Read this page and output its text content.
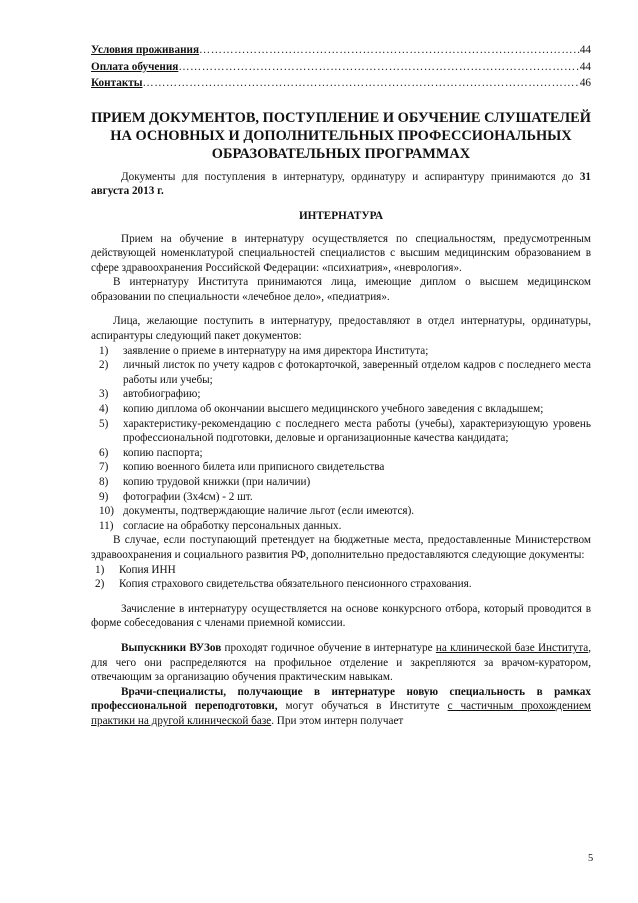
Условия проживания …………………………………………………………………………………………………………………………………………	44
Оплата обучения …………………………………………………………………………………………………………………………………………	44
Контакты …………………………………………………………………………………………………………………………………………	46
ПРИЕМ ДОКУМЕНТОВ, ПОСТУПЛЕНИЕ И ОБУЧЕНИЕ СЛУШАТЕЛЕЙ НА ОСНОВНЫХ И ДОПОЛНИТЕЛЬНЫХ ПРОФЕССИОНАЛЬНЫХ ОБРАЗОВАТЕЛЬНЫХ ПРОГРАММАХ

Документы для поступления в интернатуру, ординатуру и аспирантуру принимаются до 31 августа 2013 г.

ИНТЕРНАТУРА

Прием на обучение в интернатуру осуществляется по специальностям, предусмотренным действующей номенклатурой специальностей специалистов с высшим медицинским образованием в сфере здравоохранения Российской Федерации: «психиатрия», «неврология».

В интернатуру Института принимаются лица, имеющие диплом о высшем медицинском образовании по специальности «лечебное дело», «педиатрия».

Лица, желающие поступить в интернатуру, предоставляют в отдел интернатуры, ординатуры, аспирантуры следующий пакет документов:

1) заявление о приеме в интернатуру на имя директора Института;
2) личный листок по учету кадров с фотокарточкой, заверенный отделом кадров с последнего места работы или учебы;
3) автобиографию;
4) копию диплома об окончании высшего медицинского учебного заведения с вкладышем;
5) характеристику-рекомендацию с последнего места работы (учебы), характеризующую уровень профессиональной подготовки, деловые и организационные качества кандидата;
6) копию паспорта;
7) копию военного билета или приписного свидетельства
8) копию трудовой книжки (при наличии)
9) фотографии (3х4см) - 2 шт.
10) документы, подтверждающие наличие льгот (если имеются).
11) согласие на обработку персональных данных.

В случае, если поступающий претендует на бюджетные места, предоставленные Министерством здравоохранения и социального развития РФ, дополнительно предоставляются следующие документы:

1) Копия ИНН
2) Копия страхового свидетельства обязательного пенсионного страхования.

Зачисление в интернатуру осуществляется на основе конкурсного отбора, который проводится в форме собеседования с членами приемной комиссии.

Выпускники ВУЗов проходят годичное обучение в интернатуре на клинической базе Института, для чего они распределяются на профильное отделение и закрепляются за врачом-куратором, отвечающим за организацию обучения практическим навыкам.

Врачи-специалисты, получающие в интернатуре новую специальность в рамках профессиональной переподготовки, могут обучаться в Институте с частичным прохождением практики на другой клинической базе. При этом интерн получает

5
